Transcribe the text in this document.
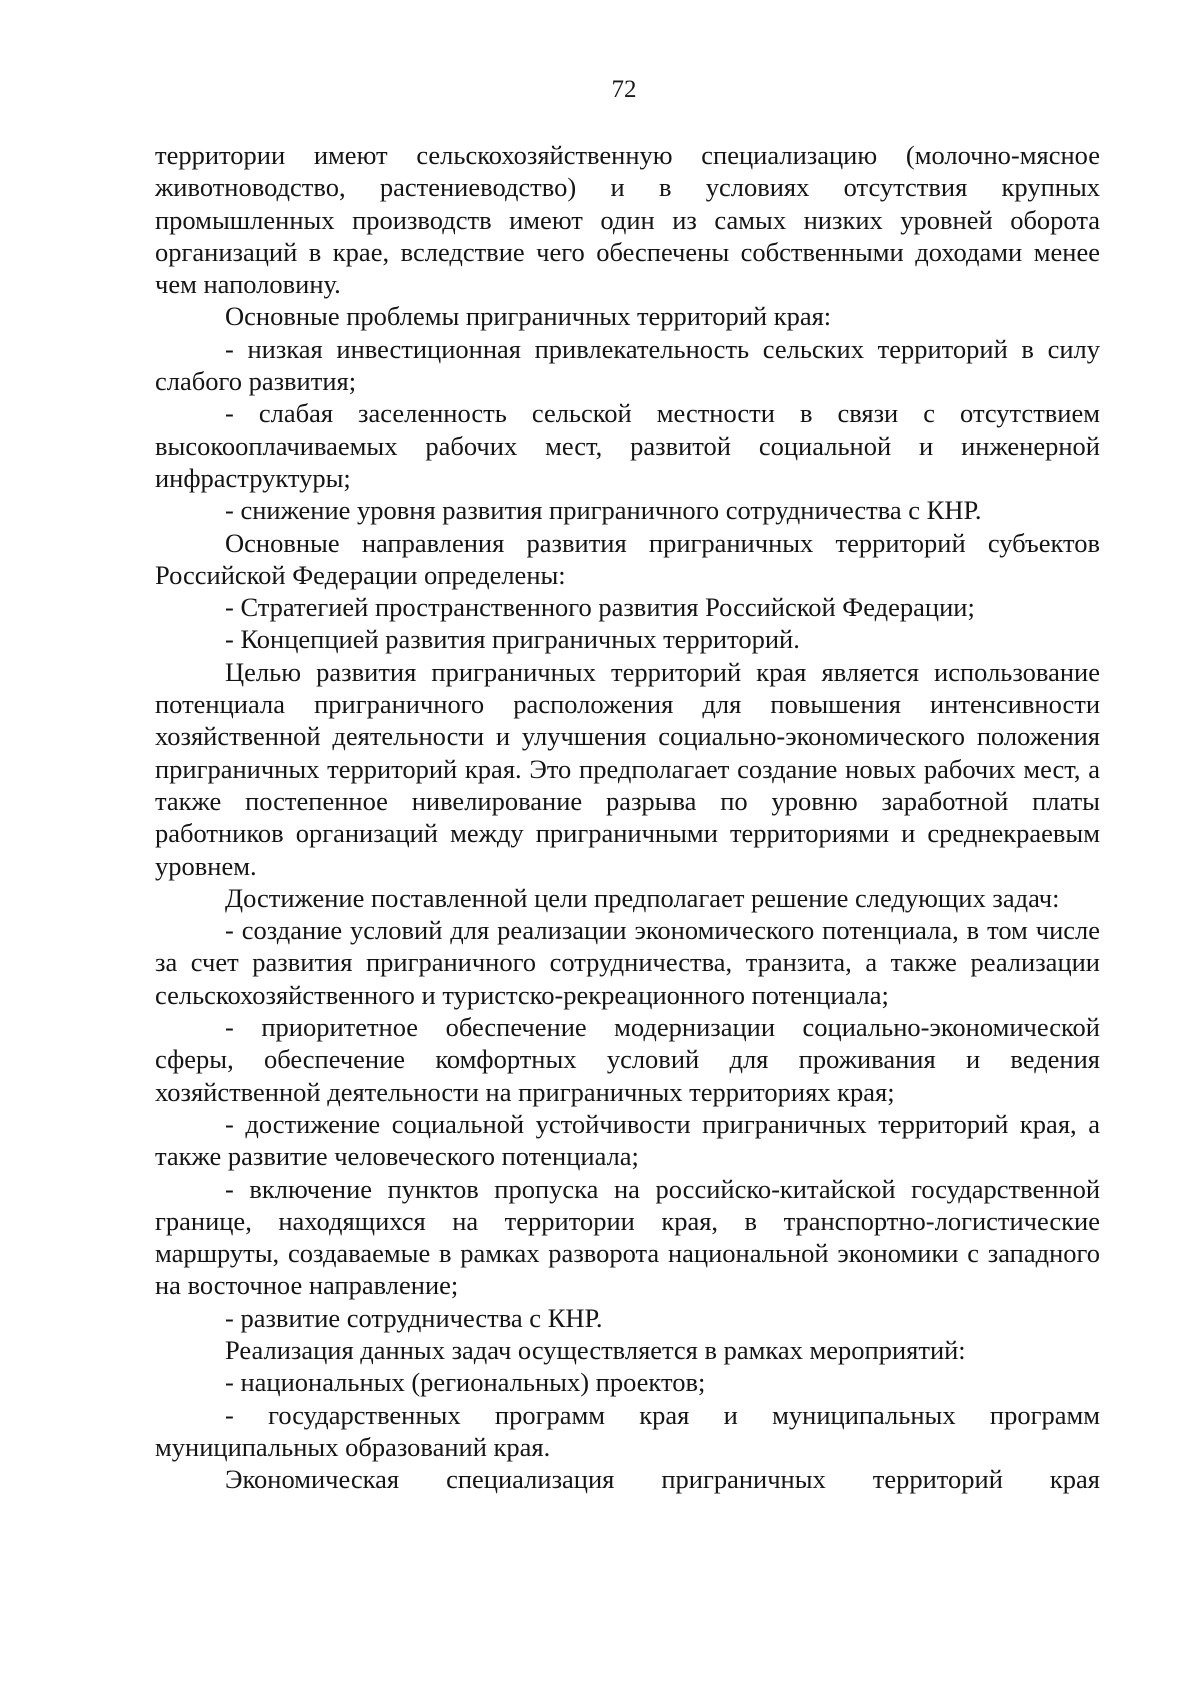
72

территории имеют сельскохозяйственную специализацию (молочно-мясное животноводство, растениеводство) и в условиях отсутствия крупных промышленных производств имеют один из самых низких уровней оборота организаций в крае, вследствие чего обеспечены собственными доходами менее чем наполовину.

Основные проблемы приграничных территорий края:

- низкая инвестиционная привлекательность сельских территорий в силу слабого развития;

- слабая заселенность сельской местности в связи с отсутствием высокооплачиваемых рабочих мест, развитой социальной и инженерной инфраструктуры;

- снижение уровня развития приграничного сотрудничества с КНР.

Основные направления развития приграничных территорий субъектов Российской Федерации определены:

- Стратегией пространственного развития Российской Федерации;

- Концепцией развития приграничных территорий.

Целью развития приграничных территорий края является использование потенциала приграничного расположения для повышения интенсивности хозяйственной деятельности и улучшения социально-экономического положения приграничных территорий края. Это предполагает создание новых рабочих мест, а также постепенное нивелирование разрыва по уровню заработной платы работников организаций между приграничными территориями и среднекраевым уровнем.

Достижение поставленной цели предполагает решение следующих задач:

- создание условий для реализации экономического потенциала, в том числе за счет развития приграничного сотрудничества, транзита, а также реализации сельскохозяйственного и туристско-рекреационного потенциала;

- приоритетное обеспечение модернизации социально-экономической сферы, обеспечение комфортных условий для проживания и ведения хозяйственной деятельности на приграничных территориях края;

- достижение социальной устойчивости приграничных территорий края, а также развитие человеческого потенциала;

- включение пунктов пропуска на российско-китайской государственной границе, находящихся на территории края, в транспортно-логистические маршруты, создаваемые в рамках разворота национальной экономики с западного на восточное направление;

- развитие сотрудничества с КНР.

Реализация данных задач осуществляется в рамках мероприятий:

- национальных (региональных) проектов;

- государственных программ края и муниципальных программ муниципальных образований края.

Экономическая специализация приграничных территорий края
